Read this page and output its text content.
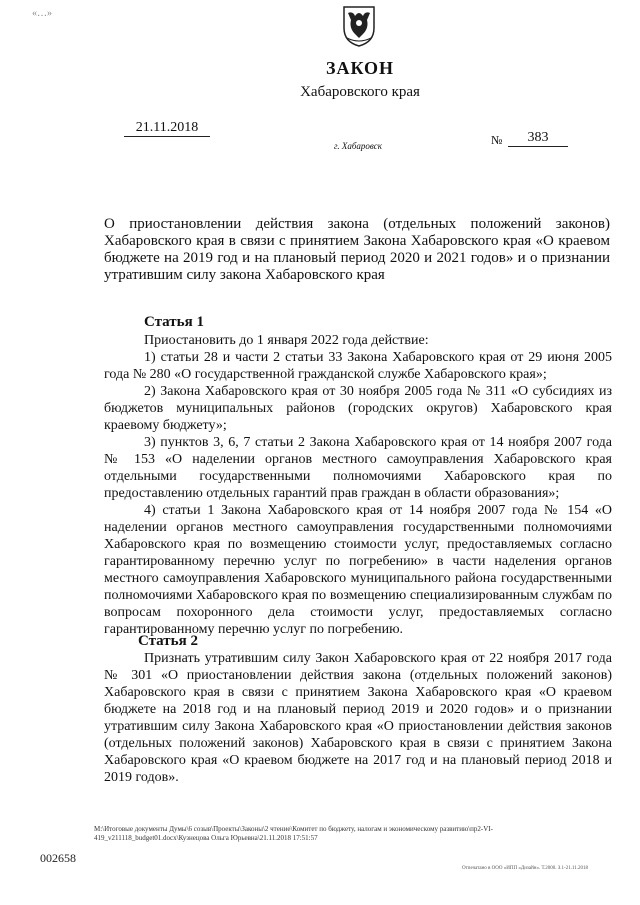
«…»
ЗАКОН
Хабаровского края
21.11.2018
г. Хабаровск	№	383
О приостановлении действия закона (отдельных положений законов) Хабаровского края в связи с принятием Закона Хабаровского края «О краевом бюджете на 2019 год и на плановый период 2020 и 2021 годов» и о признании утратившим силу закона Хабаровского края
Статья 1

Приостановить до 1 января 2022 года действие:

1) статьи 28 и части 2 статьи 33 Закона Хабаровского края от 29 июня 2005 года № 280 «О государственной гражданской службе Хабаровского края»;

2) Закона Хабаровского края от 30 ноября 2005 года № 311 «О субсидиях из бюджетов муниципальных районов (городских округов) Хабаровского края краевому бюджету»;

3) пунктов 3, 6, 7 статьи 2 Закона Хабаровского края от 14 ноября 2007 года № 153 «О наделении органов местного самоуправления Хабаровского края отдельными государственными полномочиями Хабаровского края по предоставлению отдельных гарантий прав граждан в области образования»;

4) статьи 1 Закона Хабаровского края от 14 ноября 2007 года № 154 «О наделении органов местного самоуправления государственными полномочиями Хабаровского края по возмещению стоимости услуг, предоставляемых согласно гарантированному перечню услуг по погребению» в части наделения органов местного самоуправления Хабаровского муниципального района государственными полномочиями Хабаровского края по возмещению специализированным службам по вопросам похоронного дела стоимости услуг, предоставляемых согласно гарантированному перечню услуг по погребению.

Статья 2

Признать утратившим силу Закон Хабаровского края от 22 ноября 2017 года № 301 «О приостановлении действия закона (отдельных положений законов) Хабаровского края в связи с принятием Закона Хабаровского края «О краевом бюджете на 2018 год и на плановый период 2019 и 2020 годов» и о признании утратившим силу Закона Хабаровского края «О приостановлении действия законов (отдельных положений законов) Хабаровского края в связи с принятием Закона Хабаровского края «О краевом бюджете на 2017 год и на плановый период 2018 и 2019 годов».

M:\Итоговые документы Думы\6 созыв\Проекты\Законы\2 чтение\Комитет по бюджету, налогам и экономическому развитию\пр2-VI-419_v211118_budget01.docx\Кузнецова Ольга Юрьевна\21.11.2018 17:51:57
002658
Отпечатано в ООО «ИПП «Дизайн». Т.2000. З.1-21.11.2018
